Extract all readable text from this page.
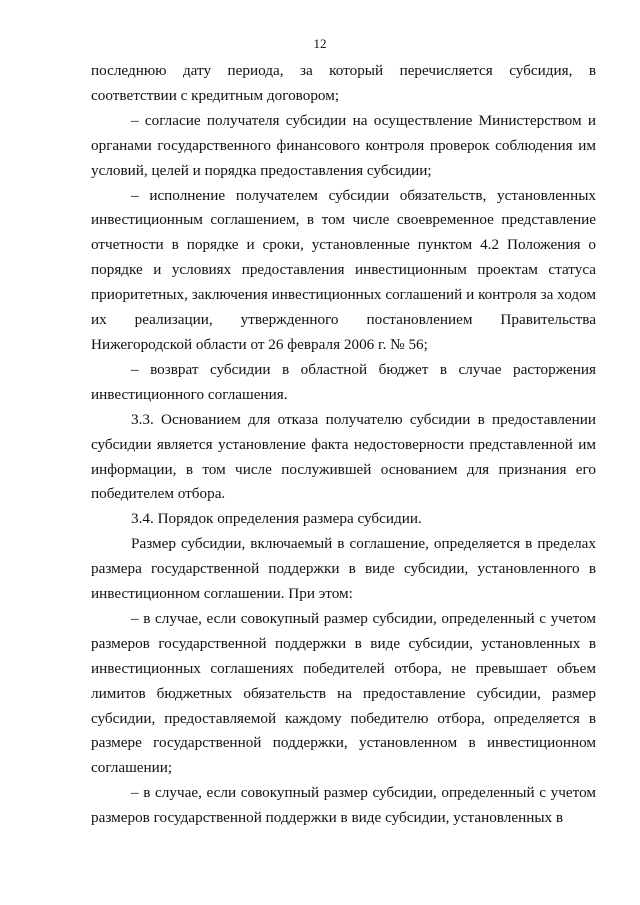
12

последнюю дату периода, за который перечисляется субсидия, в соответствии с кредитным договором;

– согласие получателя субсидии на осуществление Министерством и органами государственного финансового контроля проверок соблюдения им условий, целей и порядка предоставления субсидии;

– исполнение получателем субсидии обязательств, установленных инвестиционным соглашением, в том числе своевременное представление отчетности в порядке и сроки, установленные пунктом 4.2 Положения о порядке и условиях предоставления инвестиционным проектам статуса приоритетных, заключения инвестиционных соглашений и контроля за ходом их реализации, утвержденного постановлением Правительства Нижегородской области от 26 февраля 2006 г. № 56;

– возврат субсидии в областной бюджет в случае расторжения инвестиционного соглашения.

3.3. Основанием для отказа получателю субсидии в предоставлении субсидии является установление факта недостоверности представленной им информации, в том числе послужившей основанием для признания его победителем отбора.

3.4. Порядок определения размера субсидии.

Размер субсидии, включаемый в соглашение, определяется в пределах размера государственной поддержки в виде субсидии, установленного в инвестиционном соглашении. При этом:

– в случае, если совокупный размер субсидии, определенный с учетом размеров государственной поддержки в виде субсидии, установленных в инвестиционных соглашениях победителей отбора, не превышает объем лимитов бюджетных обязательств на предоставление субсидии, размер субсидии, предоставляемой каждому победителю отбора, определяется в размере государственной поддержки, установленном в инвестиционном соглашении;

– в случае, если совокупный размер субсидии, определенный с учетом размеров государственной поддержки в виде субсидии, установленных в
